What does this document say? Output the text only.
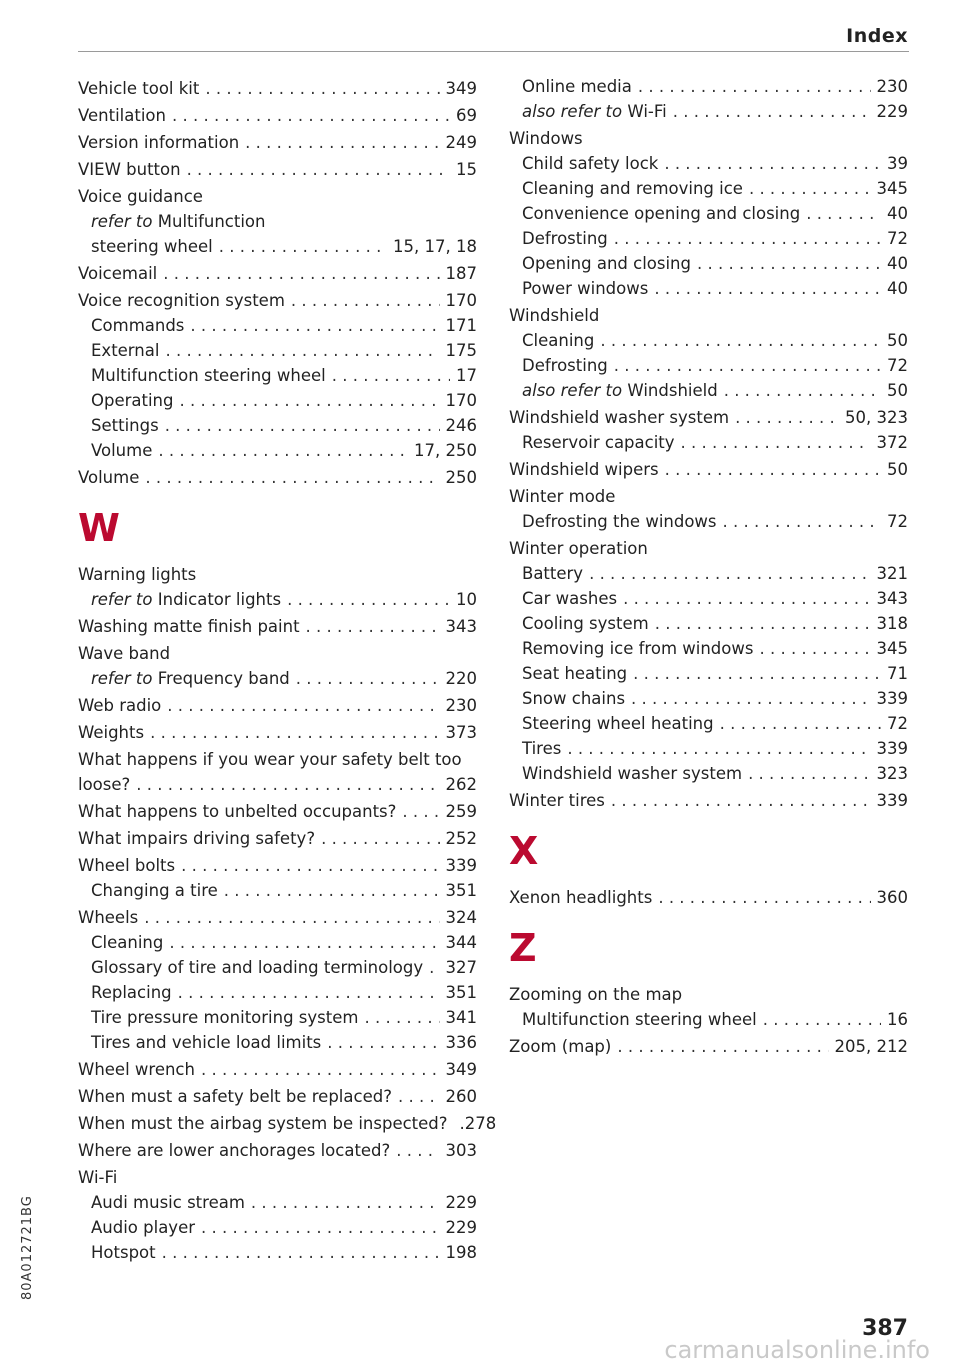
Index
Vehicle tool kit . . .	349
Ventilation . . .	69
Version information . . .	249
VIEW button . . .	15
Voice guidance
refer to Multifunction
steering wheel . . .	15, 17, 18
Voicemail . . .	187
Voice recognition system . . .	170
Commands . . .	171
External . . .	175
Multifunction steering wheel . . .	17
Operating . . .	170
Settings . . .	246
Volume . . .	17, 250
Volume . . .	250
W
Warning lights
refer to Indicator lights . . .	10
Washing matte finish paint . . .	343
Wave band
refer to Frequency band . . .	220
Web radio . . .	230
Weights . . .	373
What happens if you wear your safety belt too
loose? . . .	262
What happens to unbelted occupants? . . .	259
What impairs driving safety? . . .	252
Wheel bolts . . .	339
Changing a tire . . .	351
Wheels . . .	324
Cleaning . . .	344
Glossary of tire and loading terminology . . . 327
Replacing . . .	351
Tire pressure monitoring system . . .	341
Tires and vehicle load limits . . .	336
Wheel wrench . . .	349
When must a safety belt be replaced? . . .	260
When must the airbag system be inspected? .278
Where are lower anchorages located? . . .	303
Wi-Fi
Audi music stream . . .	229
Audio player . . .	229
Hotspot . . .	198
Online media . . .	230
also refer to Wi-Fi . . .	229
Windows
Child safety lock . . .	39
Cleaning and removing ice . . .	345
Convenience opening and closing . . .	40
Defrosting . . .	72
Opening and closing . . .	40
Power windows . . .	40
Windshield
Cleaning . . .	50
Defrosting . . .	72
also refer to Windshield . . .	50
Windshield washer system . . .	50, 323
Reservoir capacity . . .	372
Windshield wipers . . .	50
Winter mode
Defrosting the windows . . .	72
Winter operation
Battery . . .	321
Car washes . . .	343
Cooling system . . .	318
Removing ice from windows . . .	345
Seat heating . . .	71
Snow chains . . .	339
Steering wheel heating . . .	72
Tires . . .	339
Windshield washer system . . .	323
Winter tires . . .	339
X
Xenon headlights . . .	360
Z
Zooming on the map
Multifunction steering wheel . . .	16
Zoom (map) . . .	205, 212
80A012721BG
387
carmanualsonline.info
